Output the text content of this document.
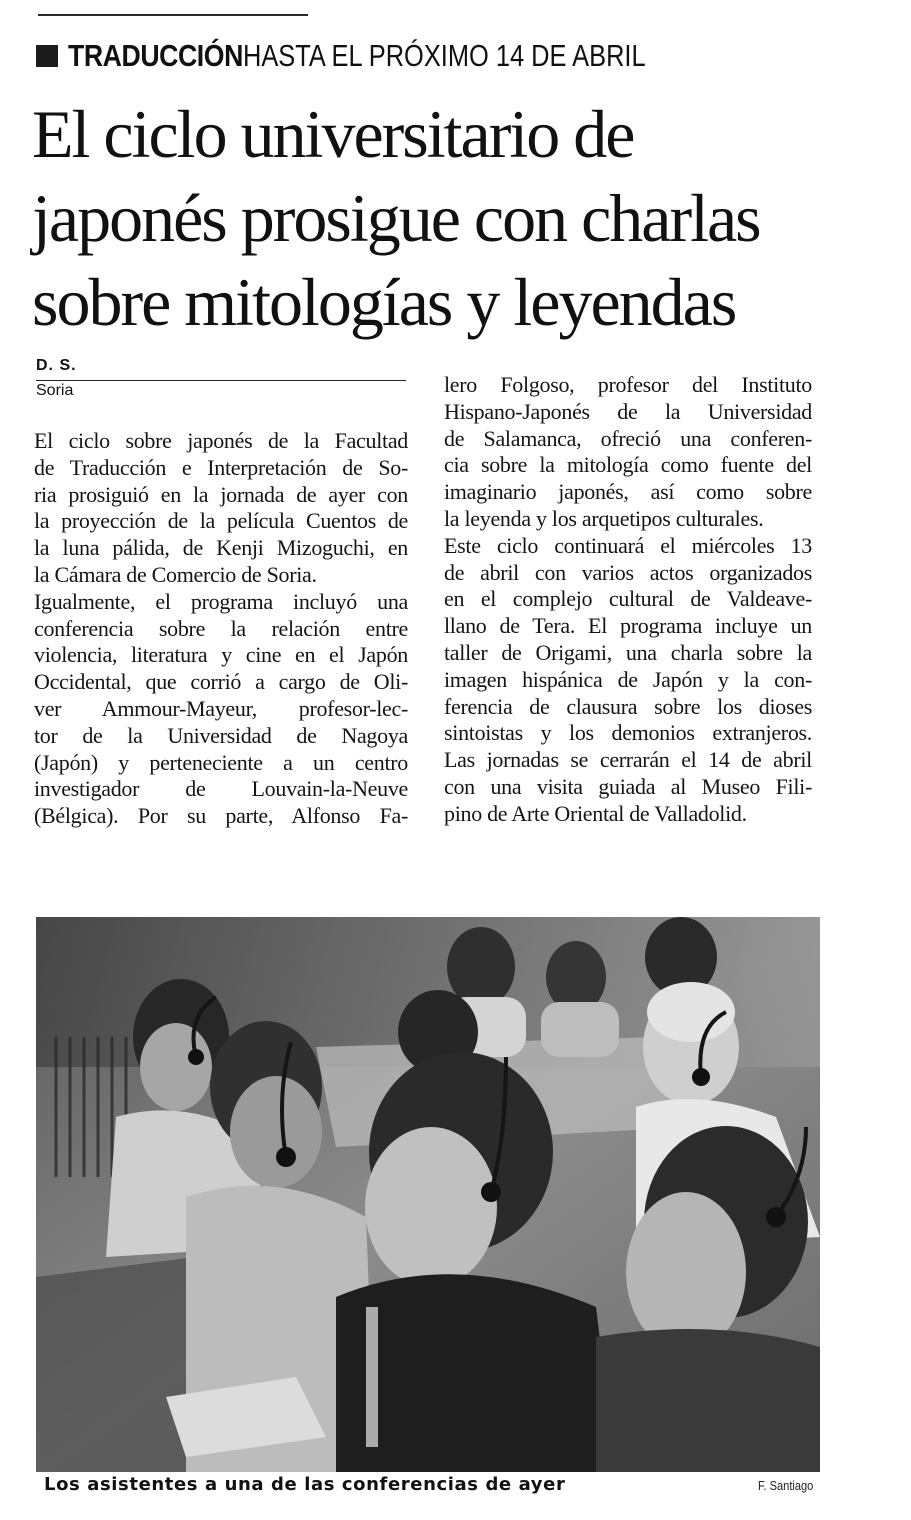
TRADUCCIÓN HASTA EL PRÓXIMO 14 DE ABRIL
El ciclo universitario de
japonés prosigue con charlas
sobre mitologías y leyendas
D. S.
Soria
El ciclo sobre japonés de la Facultad
de Traducción e Interpretación de So-
ria prosiguió en la jornada de ayer con
la proyección de la película Cuentos de
la luna pálida, de Kenji Mizoguchi, en
la Cámara de Comercio de Soria.
Igualmente, el programa incluyó una
conferencia sobre la relación entre
violencia, literatura y cine en el Japón
Occidental, que corrió a cargo de Oli-
ver Ammour-Mayeur, profesor-lec-
tor de la Universidad de Nagoya
(Japón) y perteneciente a un centro
investigador de Louvain-la-Neuve
(Bélgica). Por su parte, Alfonso Fa-
lero Folgoso, profesor del Instituto
Hispano-Japonés de la Universidad
de Salamanca, ofreció una conferen-
cia sobre la mitología como fuente del
imaginario japonés, así como sobre
la leyenda y los arquetipos culturales.
Este ciclo continuará el miércoles 13
de abril con varios actos organizados
en el complejo cultural de Valdeave-
llano de Tera. El programa incluye un
taller de Origami, una charla sobre la
imagen hispánica de Japón y la con-
ferencia de clausura sobre los dioses
sintoistas y los demonios extranjeros.
Las jornadas se cerrarán el 14 de abril
con una visita guiada al Museo Fili-
pino de Arte Oriental de Valladolid.
Los asistentes a una de las conferencias de ayer	F. Santiago
